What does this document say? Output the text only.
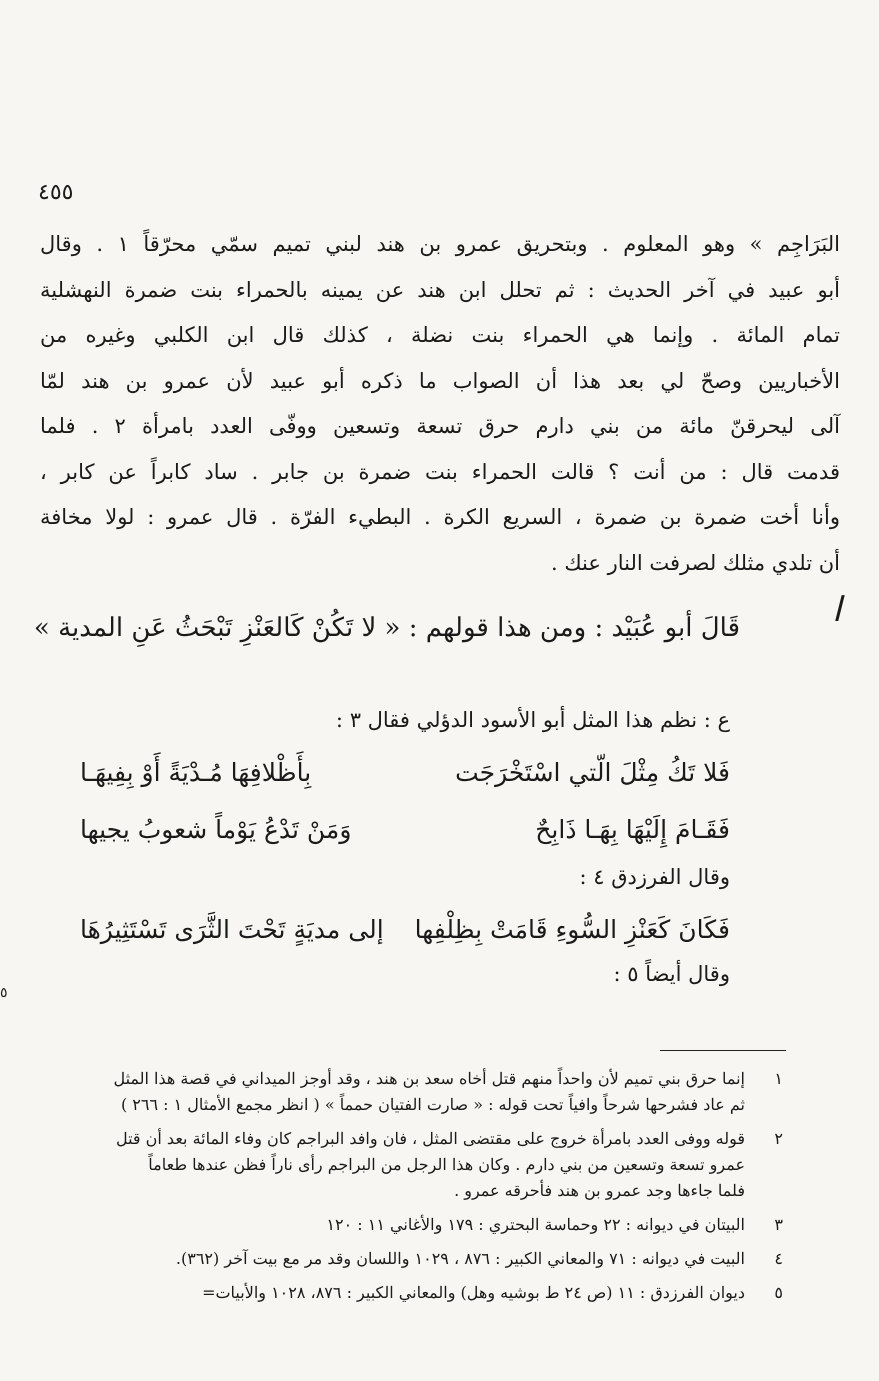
٤٥٥
البَرَاجِم » وهو المعلوم . وبتحريق عمرو بن هند لبني تميم سمّي محرّقاً ١ . وقال
أبو عبيد في آخر الحديث : ثم تحلل ابن هند عن يمينه بالحمراء بنت ضمرة النهشلية
تمام المائة . وإنما هي الحمراء بنت نضلة ، كذلك قال ابن الكلبي وغيره من
الأخباريين وصحّ لي بعد هذا أن الصواب ما ذكره أبو عبيد لأن عمرو بن هند لمّا
آلى ليحرقنّ مائة من بني دارم حرق تسعة وتسعين ووفّى العدد بامرأة ٢ . فلما
قدمت قال : من أنت ؟ قالت الحمراء بنت ضمرة بن جابر . ساد كابراً عن كابر ،
وأنا أخت ضمرة بن ضمرة ، السريع الكرة . البطيء الفرّة . قال عمرو : لولا مخافة
أن تلدي مثلك لصرفت النار عنك .
ا
قَالَ أبو عُبَيْد : ومن هذا قولهم : « لا تَكُنْ كَالعَنْزِ تَبْحَثُ عَنِ المدية »
ع : نظم هذا المثل أبو الأسود الدؤلي فقال ٣ :
فَلا تَكُ مِثْلَ الّتي اسْتَخْرَجَت
بِأَظْلافِهَا مُـدْيَةً أَوْ بِفِيهَـا
فَقَـامَ إِلَيْهَا بِهَـا ذَابِحٌ
وَمَنْ تَدْعُ يَوْماً شعوبُ يجيها
وقال الفرزدق ٤ :
فَكَانَ كَعَنْزِ السُّوءِ قَامَتْ بِظِلْفِها
إلى مديَةٍ تَحْتَ الثَّرَى تَسْتَثِيرُهَا
وقال أيضاً ٥ :
٥
١
إنما حرق بني تميم لأن واحداً منهم قتل أخاه سعد بن هند ، وقد أوجز الميداني في قصة هذا المثل
ثم عاد فشرحها شرحاً وافياً تحت قوله : « صارت الفتيان حمماً » ( انظر مجمع الأمثال ١ : ٢٦٦ )
٢
قوله ووفى العدد بامرأة خروج على مقتضى المثل ، فان وافد البراجم كان وفاء المائة بعد أن قتل
عمرو تسعة وتسعين من بني دارم . وكان هذا الرجل من البراجم رأى ناراً فظن عندها طعاماً
فلما جاءها وجد عمرو بن هند فأحرقه عمرو .
٣
البيتان في ديوانه : ٢٢ وحماسة البحتري : ١٧٩ والأغاني ١١ : ١٢٠
٤
البيت في ديوانه : ٧١ والمعاني الكبير : ٨٧٦ ، ١٠٢٩ واللسان وقد مر مع بيت آخر (٣٦٢).
٥
ديوان الفرزدق : ١١ (ص ٢٤ ط بوشيه وهل) والمعاني الكبير : ٨٧٦، ١٠٢٨ والأبيات=
